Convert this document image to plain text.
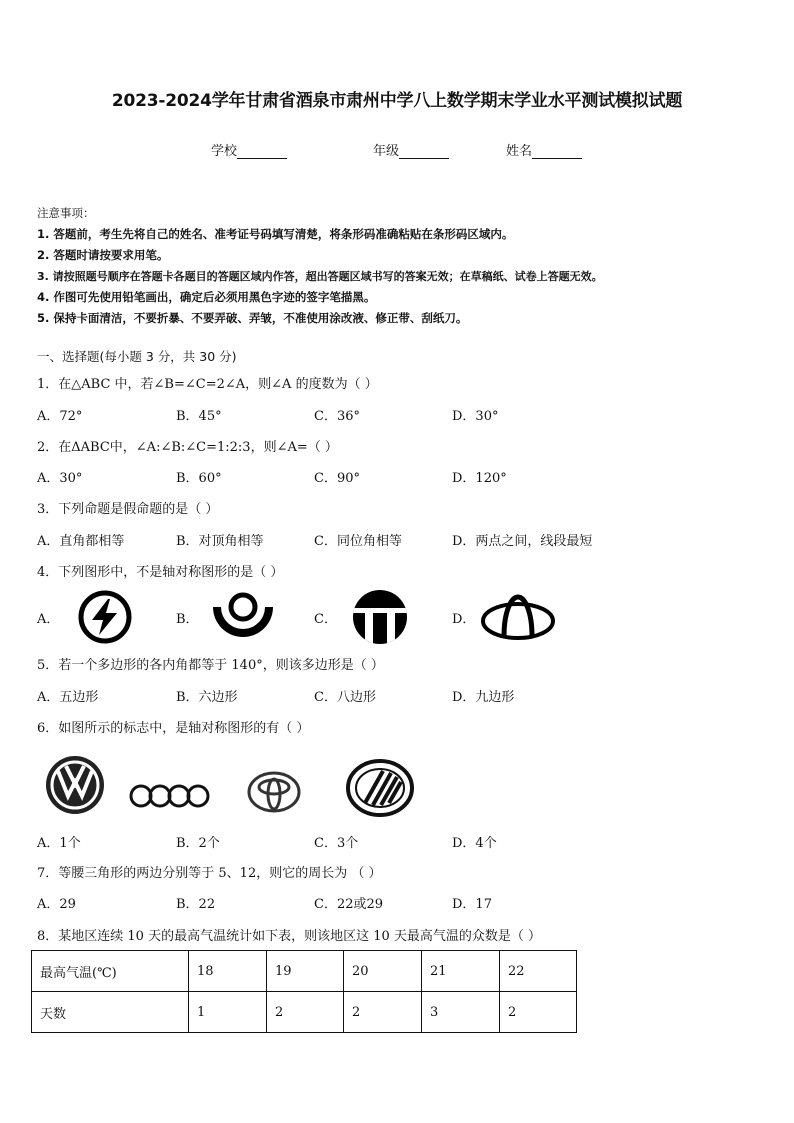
2023-2024学年甘肃省酒泉市肃州中学八上数学期末学业水平测试模拟试题
学校	年级	姓名
注意事项：
1. 答题前，考生先将自己的姓名、准考证号码填写清楚，将条形码准确粘贴在条形码区域内。
2. 答题时请按要求用笔。
3. 请按照题号顺序在答题卡各题目的答题区域内作答，超出答题区域书写的答案无效；在草稿纸、试卷上答题无效。
4. 作图可先使用铅笔画出，确定后必须用黑色字迹的签字笔描黑。
5. 保持卡面清洁，不要折暴、不要弄破、弄皱，不准使用涂改液、修正带、刮纸刀。
一、选择题(每小题 3 分，共 30 分)
1．在△ABC 中，若∠B=∠C=2∠A，则∠A 的度数为（ ）
A．72°	B．45°	C．36°	D．30°
2．在ΔABC中，∠A:∠B:∠C=1:2:3，则∠A=（ ）
A．30°	B．60°	C．90°	D．120°
3．下列命题是假命题的是（ ）
A．直角都相等	B．对顶角相等	C．同位角相等	D．两点之间，线段最短
4．下列图形中，不是轴对称图形的是（ ）
A．	B．	C．	D．
5．若一个多边形的各内角都等于 140°，则该多边形是（ ）
A．五边形	B．六边形	C．八边形	D．九边形
6．如图所示的标志中，是轴对称图形的有（ ）
A．1个	B．2个	C．3个	D．4个
7．等腰三角形的两边分别等于 5、12，则它的周长为 （ ）
A．29	B．22	C．22或29	D．17
8．某地区连续 10 天的最高气温统计如下表，则该地区这 10 天最高气温的众数是（ ）
最高气温(℃)	18	19	20	21	22
天数	1	2	2	3	2
